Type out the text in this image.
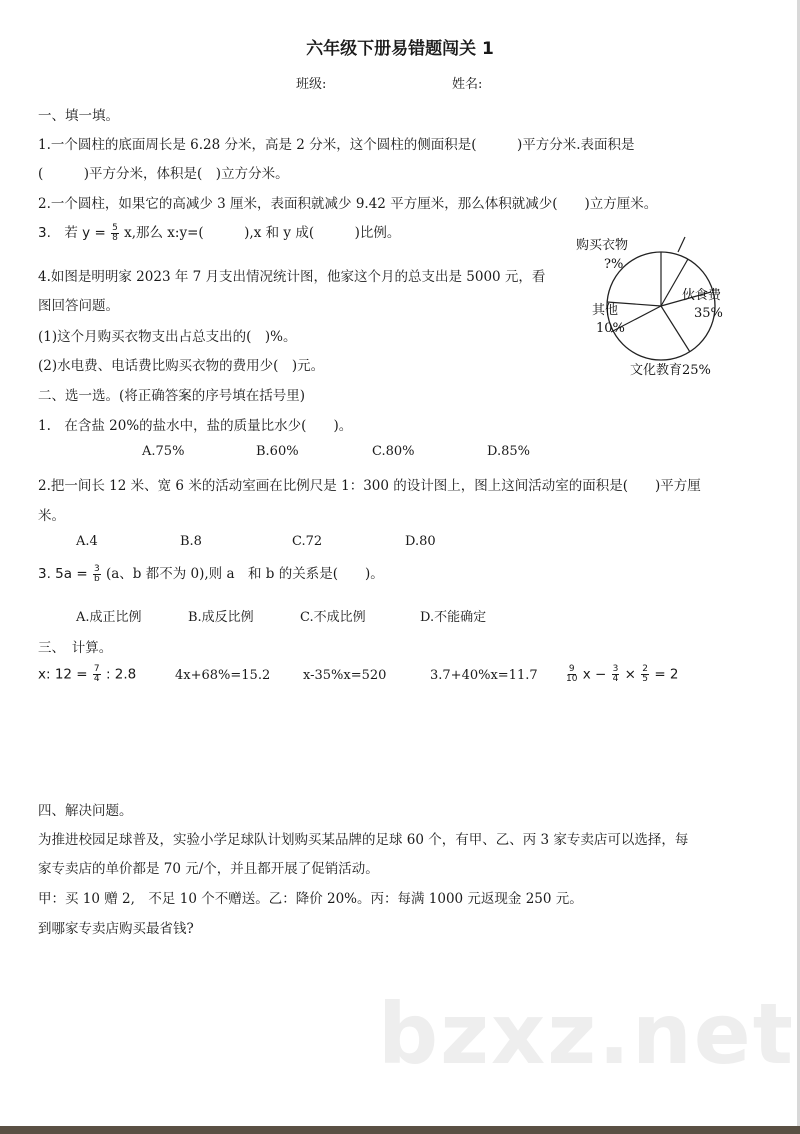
六年级下册易错题闯关 1
班级:	姓名:
一、填一填。
1.一个圆柱的底面周长是 6.28 分米，高是 2 分米，这个圆柱的侧面积是(　　　)平方分米.表面积是
(　　　)平方分米，体积是(　)立方分米。
2.一个圆柱，如果它的高减少 3 厘米，表面积就减少 9.42 平方厘米，那么体积就减少(　　)立方厘米。
3.　若 $y = \frac{5}{8} x$,那么 x:y=(　　　),x 和 y 成(　　　)比例。
4.如图是明明家 2023 年 7 月支出情况统计图，他家这个月的总支出是 5000 元，看
图回答问题。
(1)这个月购买衣物支出占总支出的(　)%。
(2)水电费、电话费比购买衣物的费用少(　)元。
购买衣物
?%
伙食费
35%
其他
10%
文化教育25%
二、选一选。(将正确答案的序号填在括号里)
1.　在含盐 20%的盐水中，盐的质量比水少(　　)。
A.75%	B.60%	C.80%	D.85%
2.把一间长 12 米、宽 6 米的活动室画在比例尺是 1：300 的设计图上，图上这间活动室的面积是(　　)平方厘
米。
A.4	B.8	C.72	D.80
3. $5a = \frac{3}{b} (a$、b 都不为 0),则 a　和 b 的关系是(　　)。
A.成正比例	B.成反比例	C.不成比例	D.不能确定
三、　计算。
x: $12 = \frac{7}{4}$ : 2.8	4x+68%=15.2	x-35%x=520	3.7+40%x=11.7	$\frac{9}{10}$ $x - \frac{3}{4} \times \frac{2}{5} = 2$
四、解决问题。
为推进校园足球普及，实验小学足球队计划购买某品牌的足球 60 个，有甲、乙、丙 3 家专卖店可以选择，每
家专卖店的单价都是 70 元/个，并且都开展了促销活动。
甲：买 10 赠 2,　不足 10 个不赠送。乙：降价 20%。丙：每满 1000 元返现金 250 元。
到哪家专卖店购买最省钱?
bzxz.net
